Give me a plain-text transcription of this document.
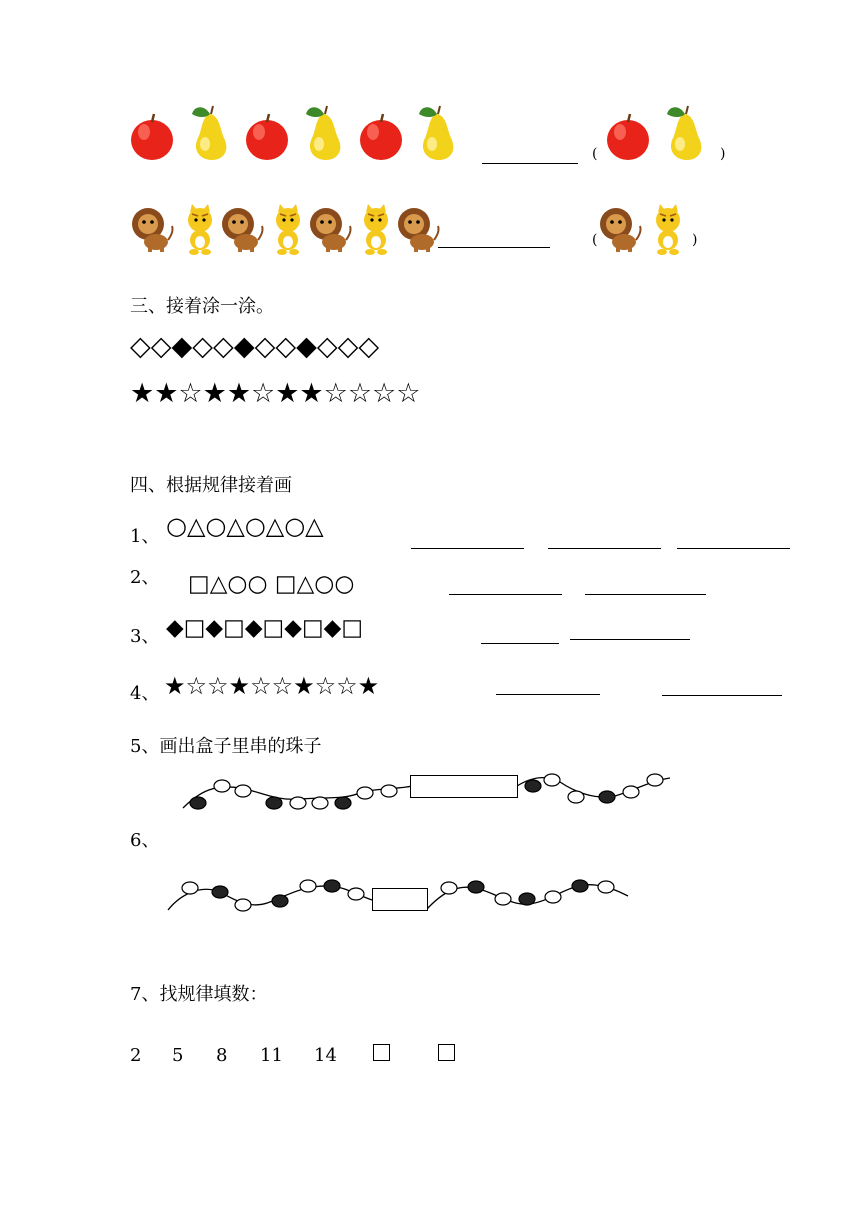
(	)
(	)
三、接着涂一涂。
◇◇◆◇◇◆◇◇◆◇◇◇
★★☆★★☆★★☆☆☆☆
四、根据规律接着画
1、 ○△○△○△○△
2、 □△○○ □△○○
3、 ◆□◆□◆□◆□◆□
4、 ★☆☆★☆☆★☆☆★
5、画出盒子里串的珠子
6、
7、找规律填数：
2 5 8 11 14
